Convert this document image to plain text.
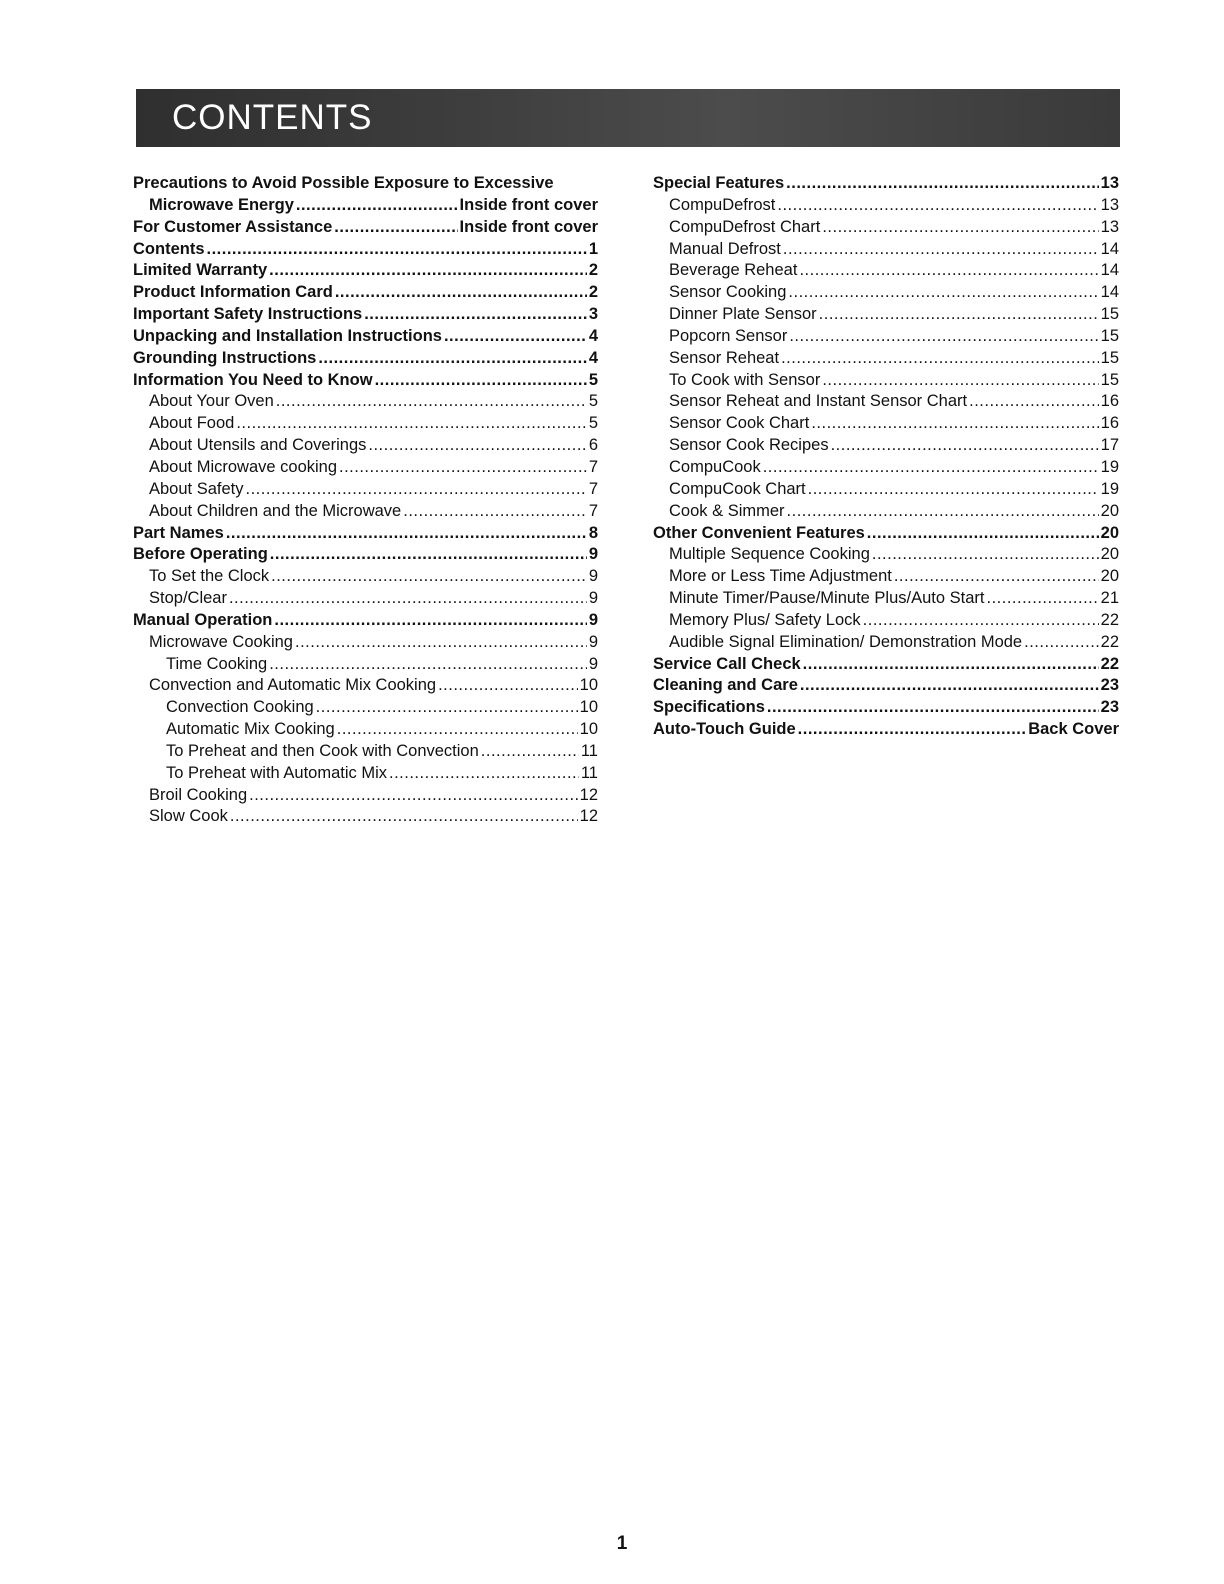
CONTENTS
Precautions to Avoid Possible Exposure to Excessive
Microwave Energy .....	Inside front cover
For Customer Assistance .....	Inside front cover
Contents .....	1
Limited Warranty .....	2
Product Information Card .....	2
Important Safety Instructions .....	3
Unpacking and Installation Instructions .....	4
Grounding Instructions .....	4
Information You Need to Know .....	5
About Your Oven .....	5
About Food .....	5
About Utensils and Coverings .....	6
About Microwave cooking .....	7
About Safety .....	7
About Children and the Microwave .....	7
Part Names .....	8
Before Operating .....	9
To Set the Clock .....	9
Stop/Clear .....	9
Manual Operation .....	9
Microwave Cooking .....	9
Time Cooking .....	9
Convection and Automatic Mix Cooking .....	10
Convection Cooking .....	10
Automatic Mix Cooking .....	10
To Preheat and then Cook with Convection .....	11
To Preheat with Automatic Mix .....	11
Broil Cooking .....	12
Slow Cook .....	12
Special Features .....	13
CompuDefrost .....	13
CompuDefrost Chart .....	13
Manual Defrost .....	14
Beverage Reheat .....	14
Sensor Cooking .....	14
Dinner Plate Sensor .....	15
Popcorn Sensor .....	15
Sensor Reheat .....	15
To Cook with Sensor .....	15
Sensor Reheat and Instant Sensor Chart .....	16
Sensor Cook Chart .....	16
Sensor Cook Recipes .....	17
CompuCook .....	19
CompuCook Chart .....	19
Cook & Simmer .....	20
Other Convenient Features .....	20
Multiple Sequence Cooking .....	20
More or Less Time Adjustment .....	20
Minute Timer/Pause/Minute Plus/Auto Start .....	21
Memory Plus/ Safety Lock .....	22
Audible Signal Elimination/ Demonstration Mode .....	22
Service Call Check .....	22
Cleaning and Care .....	23
Specifications .....	23
Auto-Touch Guide .....	Back Cover
1
